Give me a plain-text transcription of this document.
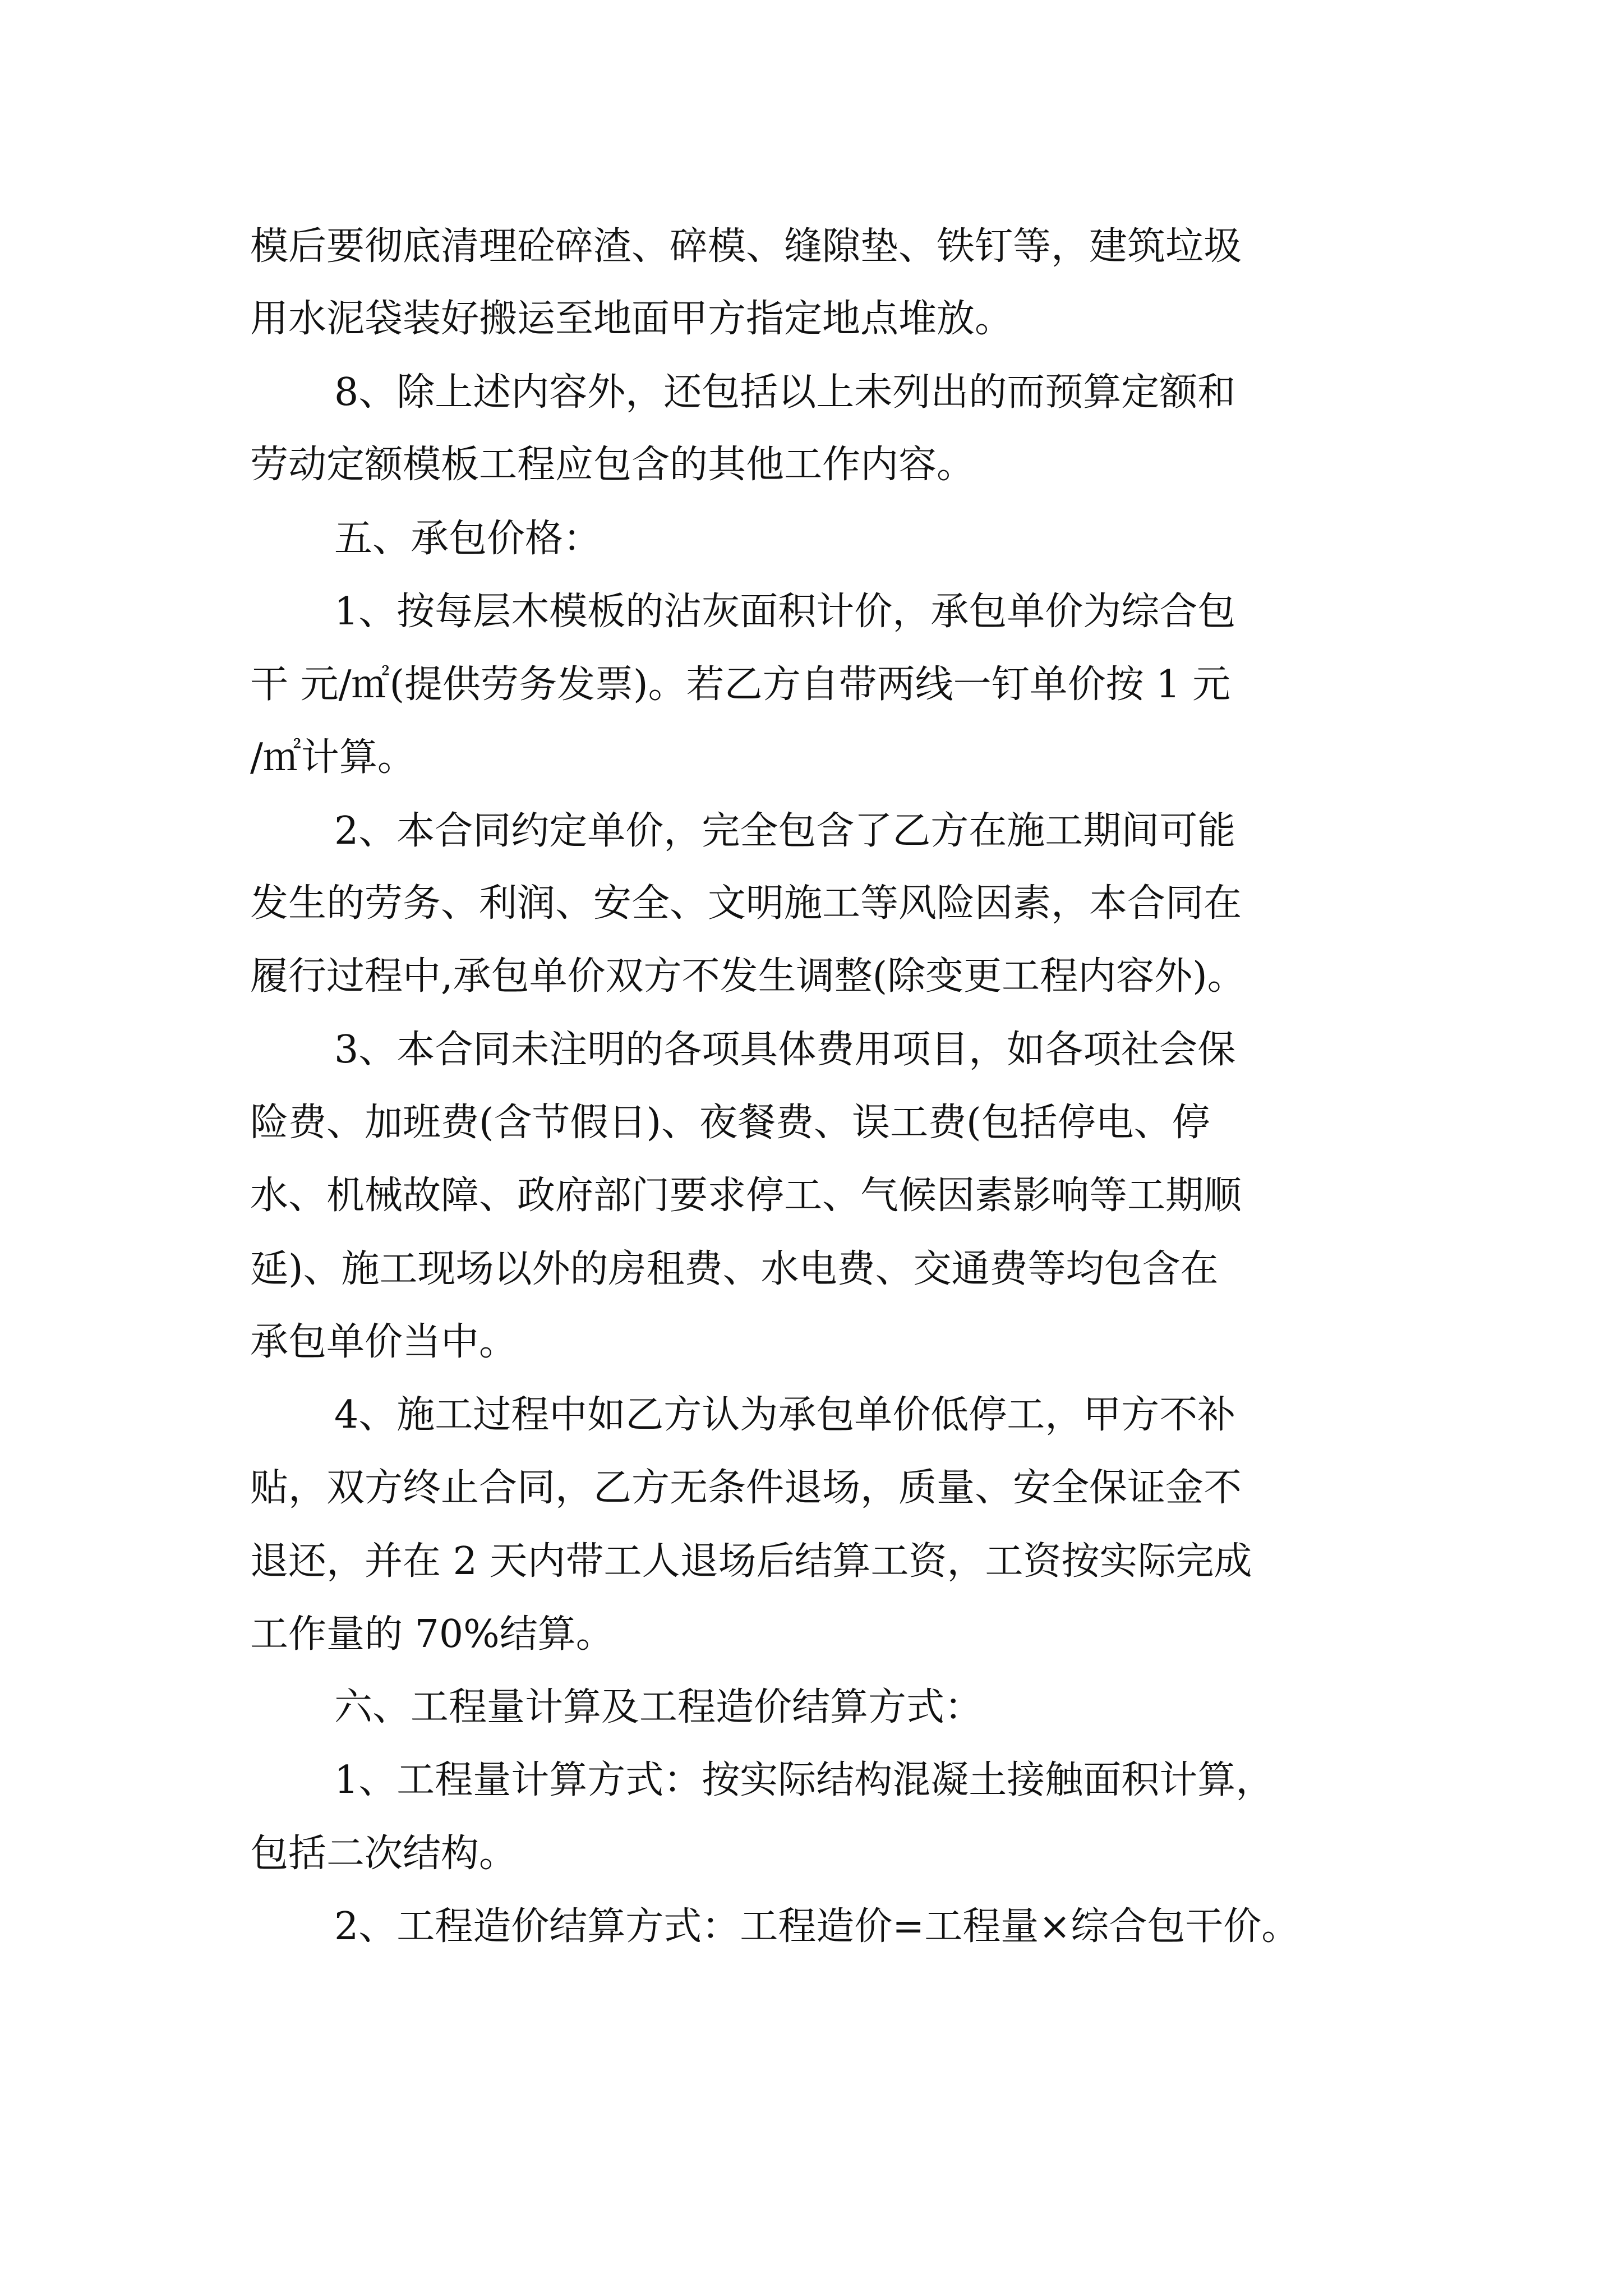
模后要彻底清理砼碎渣、碎模、缝隙垫、铁钉等，建筑垃圾

用水泥袋装好搬运至地面甲方指定地点堆放。

8、除上述内容外，还包括以上未列出的而预算定额和

劳动定额模板工程应包含的其他工作内容。

五、承包价格：

1、按每层木模板的沾灰面积计价，承包单价为综合包

干 元/㎡(提供劳务发票)。若乙方自带两线一钉单价按 1 元

/㎡计算。

2、本合同约定单价，完全包含了乙方在施工期间可能

发生的劳务、利润、安全、文明施工等风险因素，本合同在

履行过程中,承包单价双方不发生调整(除变更工程内容外)。

3、本合同未注明的各项具体费用项目，如各项社会保

险费、加班费(含节假日)、夜餐费、误工费(包括停电、停

水、机械故障、政府部门要求停工、气候因素影响等工期顺

延)、施工现场以外的房租费、水电费、交通费等均包含在

承包单价当中。

4、施工过程中如乙方认为承包单价低停工，甲方不补

贴，双方终止合同，乙方无条件退场，质量、安全保证金不

退还，并在 2 天内带工人退场后结算工资，工资按实际完成

工作量的 70%结算。

六、工程量计算及工程造价结算方式：

1、工程量计算方式：按实际结构混凝土接触面积计算，

包括二次结构。

2、工程造价结算方式：工程造价=工程量×综合包干价。
